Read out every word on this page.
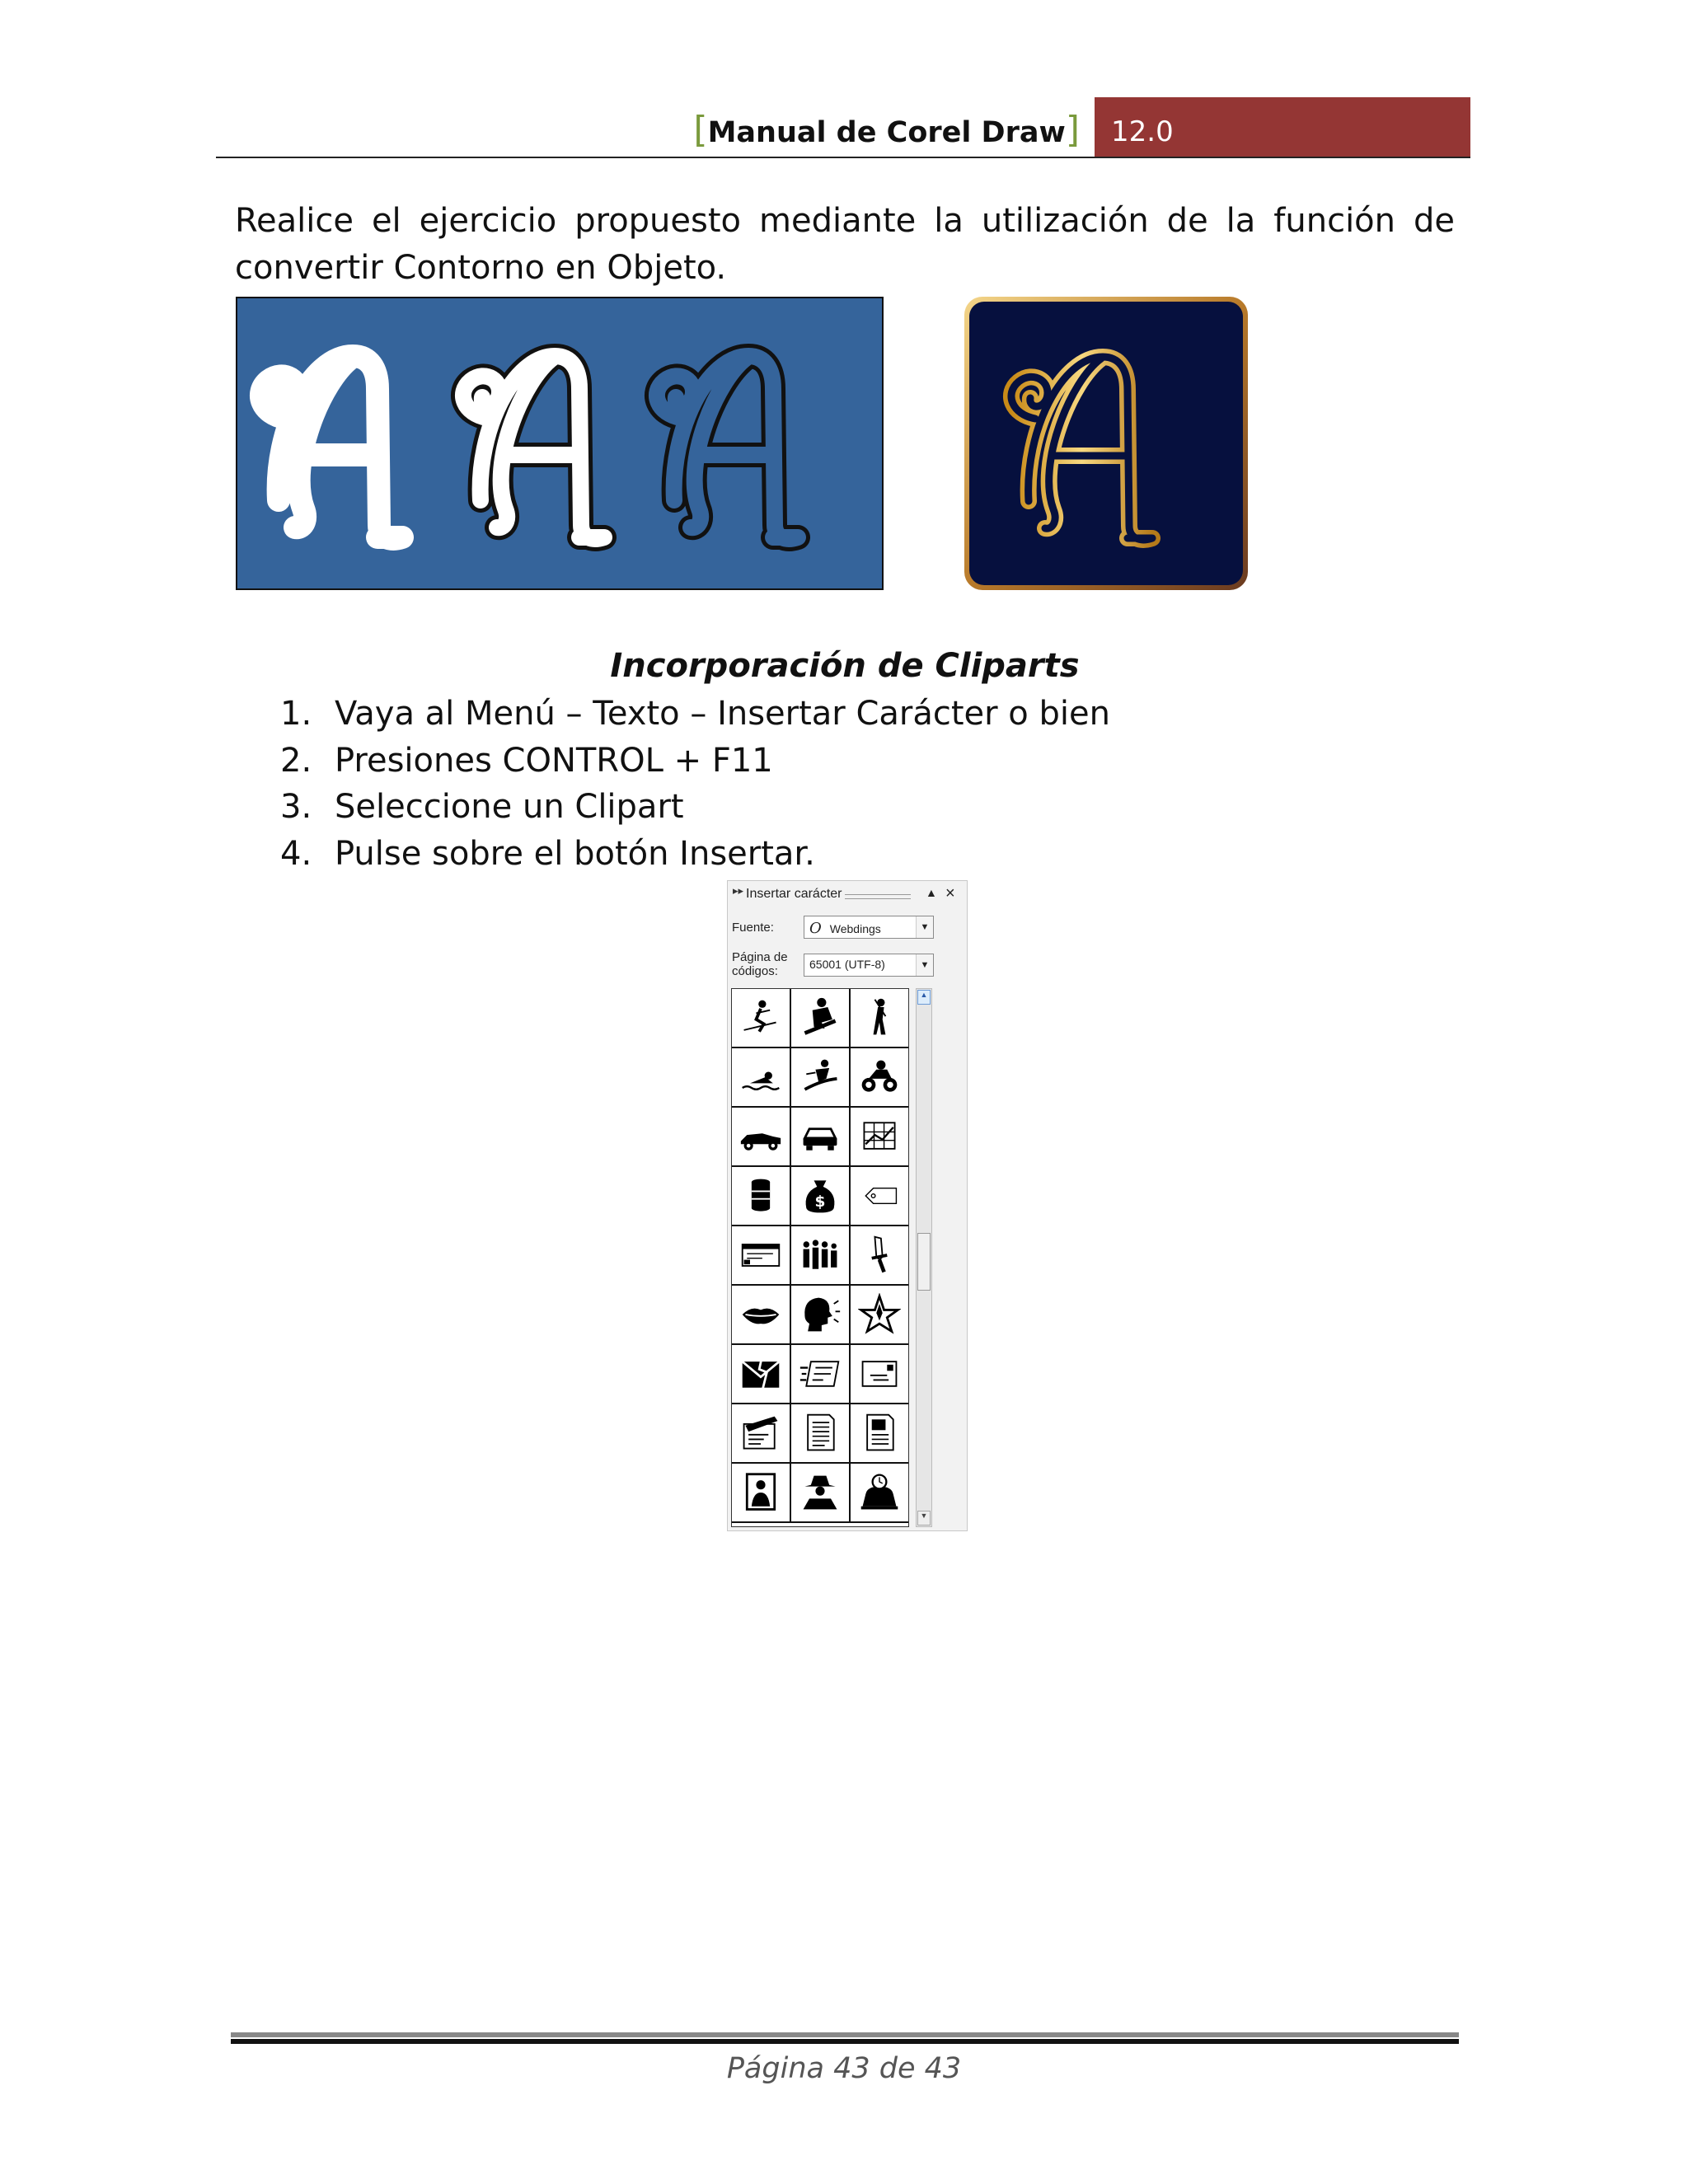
[Manual de Corel Draw]	12.0
Realice el ejercicio propuesto mediante la utilización de la función de convertir Contorno en Objeto.
Incorporación de Cliparts
1. Vaya al Menú – Texto – Insertar Carácter o bien
2. Presiones CONTROL + F11
3. Seleccione un Clipart
4. Pulse sobre el botón Insertar.
▸▸ Insertar carácter	▲ ×
Fuente: O Webdings	▼
Página de
códigos:	65001 (UTF-8)	▼
$
▲
▼
Página 43 de 43
